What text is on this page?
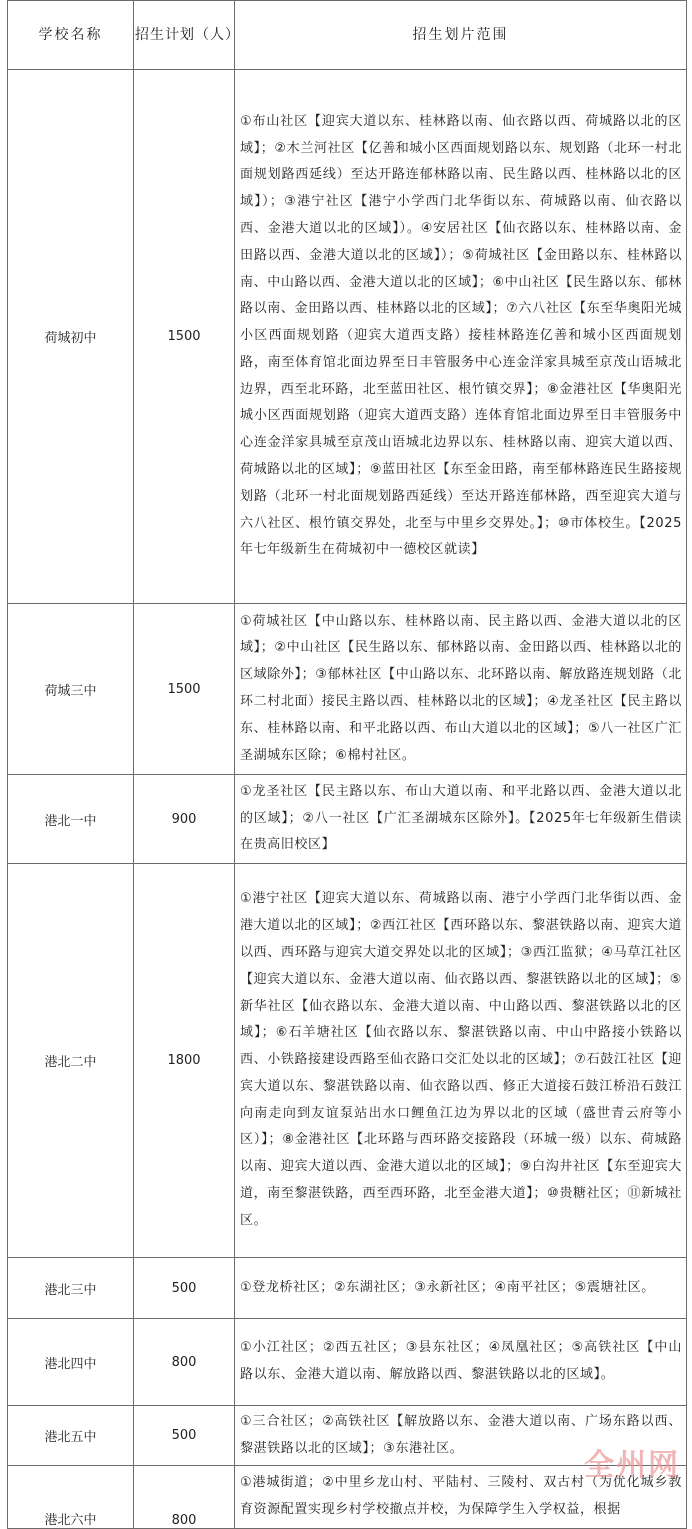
学校名称	招生计划（人）	招生划片范围
荷城初中	1500	①布山社区【迎宾大道以东、桂林路以南、仙衣路以西、荷城路以北的区域】；②木兰河社区【亿善和城小区西面规划路以东、规划路（北环一村北面规划路西延线）至达开路连郁林路以南、民生路以西、桂林路以北的区域】）；③港宁社区【港宁小学西门北华街以东、荷城路以南、仙衣路以西、金港大道以北的区域】）。④安居社区【仙衣路以东、桂林路以南、金田路以西、金港大道以北的区域】）；⑤荷城社区【金田路以东、桂林路以南、中山路以西、金港大道以北的区域】；⑥中山社区【民生路以东、郁林路以南、金田路以西、桂林路以北的区域】；⑦六八社区【东至华奥阳光城小区西面规划路（迎宾大道西支路）接桂林路连亿善和城小区西面规划路，南至体育馆北面边界至日丰管服务中心连金洋家具城至京茂山语城北边界，西至北环路，北至蓝田社区、根竹镇交界】；⑧金港社区【华奥阳光城小区西面规划路（迎宾大道西支路）连体育馆北面边界至日丰管服务中心连金洋家具城至京茂山语城北边界以东、桂林路以南、迎宾大道以西、荷城路以北的区域】；⑨蓝田社区【东至金田路，南至郁林路连民生路接规划路（北环一村北面规划路西延线）至达开路连郁林路，西至迎宾大道与六八社区、根竹镇交界处，北至与中里乡交界处。】；⑩市体校生。【2025年七年级新生在荷城初中一德校区就读】
荷城三中	1500	①荷城社区【中山路以东、桂林路以南、民主路以西、金港大道以北的区域】；②中山社区【民生路以东、郁林路以南、金田路以西、桂林路以北的区域除外】；③郁林社区【中山路以东、北环路以南、解放路连规划路（北环二村北面）接民主路以西、桂林路以北的区域】；④龙圣社区【民主路以东、桂林路以南、和平北路以西、布山大道以北的区域】；⑤八一社区广汇圣湖城东区除；⑥棉村社区。
港北一中	900	①龙圣社区【民主路以东、布山大道以南、和平北路以西、金港大道以北的区域】；②八一社区【广汇圣湖城东区除外】。【2025年七年级新生借读在贵高旧校区】
港北二中	1800	①港宁社区【迎宾大道以东、荷城路以南、港宁小学西门北华街以西、金港大道以北的区域】；②西江社区【西环路以东、黎湛铁路以南、迎宾大道以西、西环路与迎宾大道交界处以北的区域】；③西江监狱；④马草江社区【迎宾大道以东、金港大道以南、仙衣路以西、黎湛铁路以北的区域】；⑤新华社区【仙衣路以东、金港大道以南、中山路以西、黎湛铁路以北的区域】；⑥石羊塘社区【仙衣路以东、黎湛铁路以南、中山中路接小铁路以西、小铁路接建设西路至仙衣路口交汇处以北的区域】；⑦石鼓江社区【迎宾大道以东、黎湛铁路以南、仙衣路以西、修正大道接石鼓江桥沿石鼓江向南走向到友谊泵站出水口鲤鱼江边为界以北的区域（盛世青云府等小区）】；⑧金港社区【北环路与西环路交接路段（环城一级）以东、荷城路以南、迎宾大道以西、金港大道以北的区域】；⑨白沟井社区【东至迎宾大道，南至黎湛铁路，西至西环路，北至金港大道】；⑩贵糖社区；⑪新城社区。
港北三中	500	①登龙桥社区；②东湖社区；③永新社区；④南平社区；⑤震塘社区。
港北四中	800	①小江社区；②西五社区；③县东社区；④凤凰社区；⑤高铁社区【中山路以东、金港大道以南、解放路以西、黎湛铁路以北的区域】。
港北五中	500	①三合社区；②高铁社区【解放路以东、金港大道以南、广场东路以西、黎湛铁路以北的区域】；③东港社区。
港北六中	800	①港城街道；②中里乡龙山村、平陆村、三陵村、双古村（为优化城乡教育资源配置实现乡村学校撤点并校，为保障学生入学权益，根据
全州网
